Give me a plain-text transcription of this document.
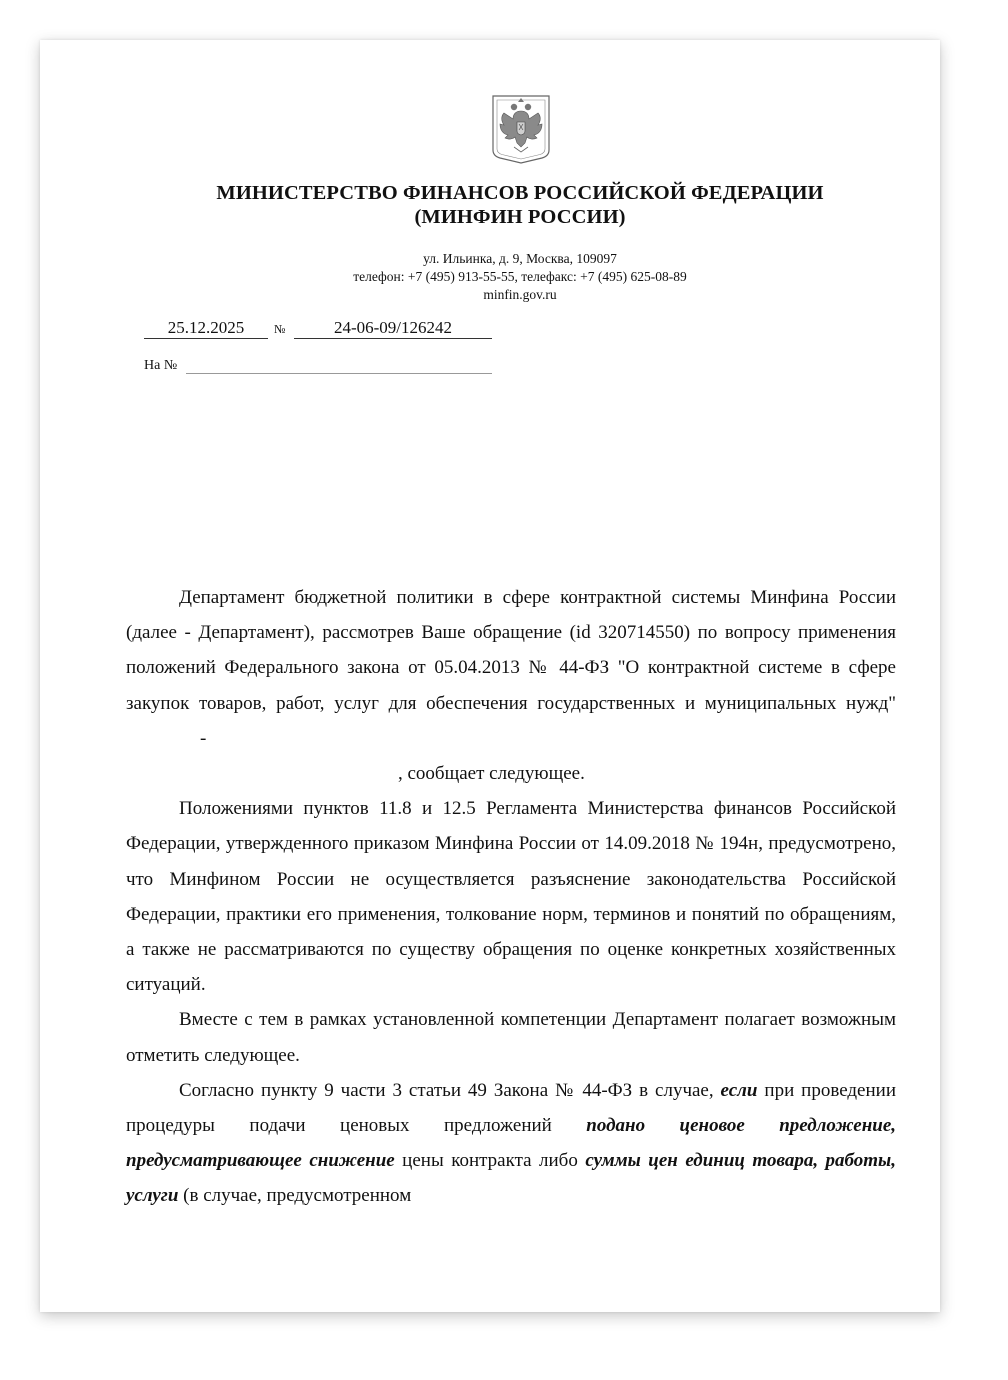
МИНИСТЕРСТВО ФИНАНСОВ РОССИЙСКОЙ ФЕДЕРАЦИИ
(МИНФИН РОССИИ)
ул. Ильинка, д. 9, Москва, 109097
телефон: +7 (495) 913-55-55, телефакс: +7 (495) 625-08-89
minfin.gov.ru
25.12.2025	№	24-06-09/126242
На №

Департамент бюджетной политики в сфере контрактной системы Минфина России (далее - Департамент), рассмотрев Ваше обращение (id 320714550) по вопросу применения положений Федерального закона от 05.04.2013 № 44-ФЗ "О контрактной системе в сфере закупок товаров, работ, услуг для обеспечения государственных и муниципальных нужд"-

, сообщает следующее.

Положениями пунктов 11.8 и 12.5 Регламента Министерства финансов Российской Федерации, утвержденного приказом Минфина России от 14.09.2018 № 194н, предусмотрено, что Минфином России не осуществляется разъяснение законодательства Российской Федерации, практики его применения, толкование норм, терминов и понятий по обращениям, а также не рассматриваются по существу обращения по оценке конкретных хозяйственных ситуаций.

Вместе с тем в рамках установленной компетенции Департамент полагает возможным отметить следующее.

Согласно пункту 9 части 3 статьи 49 Закона № 44-ФЗ в случае, если при проведении процедуры подачи ценовых предложений подано ценовое предложение, предусматривающее снижение цены контракта либо суммы цен единиц товара, работы, услуги (в случае, предусмотренном
